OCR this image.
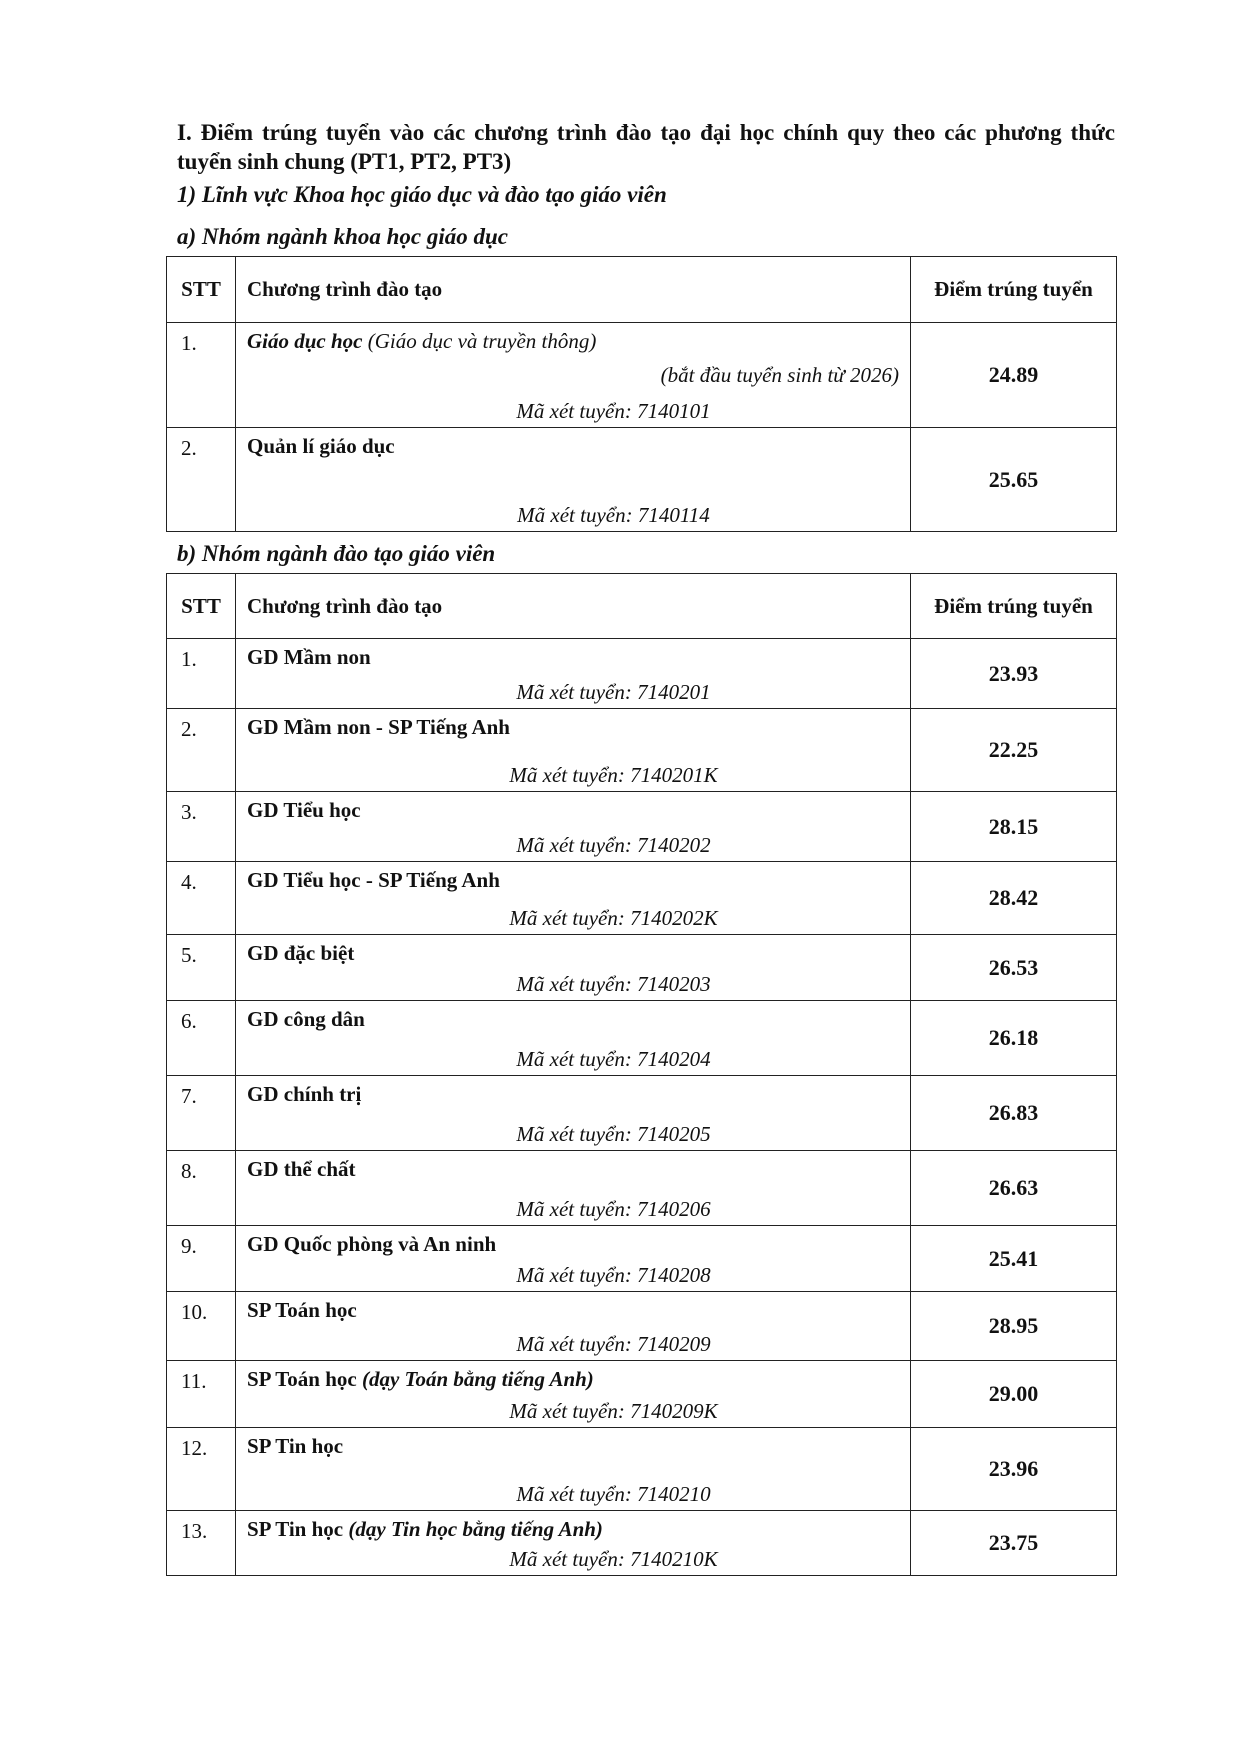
I. Điểm trúng tuyển vào các chương trình đào tạo đại học chính quy theo các phương thức tuyển sinh chung (PT1, PT2, PT3)
1) Lĩnh vực Khoa học giáo dục và đào tạo giáo viên
a) Nhóm ngành khoa học giáo dục
STT	Chương trình đào tạo	Điểm trúng tuyển
1.	Giáo dục học (Giáo dục và truyền thông)
(bắt đầu tuyển sinh từ 2026)
Mã xét tuyển: 7140101	24.89
2.	Quản lí giáo dục
Mã xét tuyển: 7140114	25.65
b) Nhóm ngành đào tạo giáo viên
STT	Chương trình đào tạo	Điểm trúng tuyển
1.	GD Mầm non
Mã xét tuyển: 7140201	23.93
2.	GD Mầm non - SP Tiếng Anh
Mã xét tuyển: 7140201K	22.25
3.	GD Tiểu học
Mã xét tuyển: 7140202	28.15
4.	GD Tiểu học - SP Tiếng Anh
Mã xét tuyển: 7140202K	28.42
5.	GD đặc biệt
Mã xét tuyển: 7140203	26.53
6.	GD công dân
Mã xét tuyển: 7140204	26.18
7.	GD chính trị
Mã xét tuyển: 7140205	26.83
8.	GD thể chất
Mã xét tuyển: 7140206	26.63
9.	GD Quốc phòng và An ninh
Mã xét tuyển: 7140208	25.41
10.	SP Toán học
Mã xét tuyển: 7140209	28.95
11.	SP Toán học (dạy Toán bằng tiếng Anh)
Mã xét tuyển: 7140209K	29.00
12.	SP Tin học
Mã xét tuyển: 7140210	23.96
13.	SP Tin học (dạy Tin học bằng tiếng Anh)
Mã xét tuyển: 7140210K	23.75
